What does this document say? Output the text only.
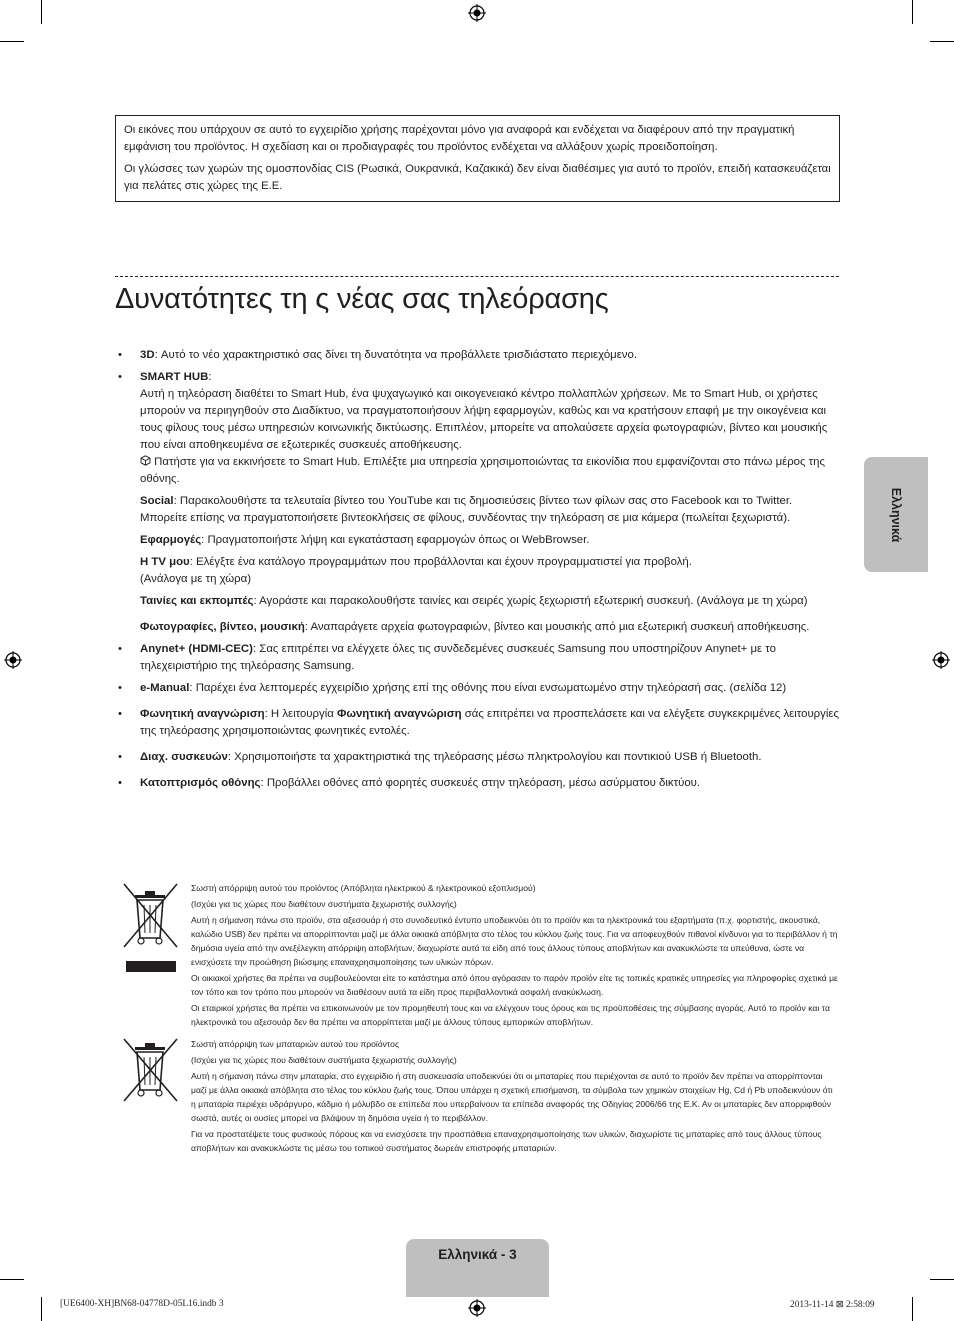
Οι εικόνες που υπάρχουν σε αυτό το εγχειρίδιο χρήσης παρέχονται μόνο για αναφορά και ενδέχεται να διαφέρουν από την πραγματική εμφάνιση του προϊόντος. Η σχεδίαση και οι προδιαγραφές του προϊόντος ενδέχεται να αλλάξουν χωρίς προειδοποίηση.

Οι γλώσσες των χωρών της ομοσπονδίας CIS (Ρωσικά, Ουκρανικά, Καζακικά) δεν είναι διαθέσιμες για αυτό το προϊόν, επειδή κατασκευάζεται για πελάτες στις χώρες της Ε.Ε.

Δυνατότητες τη ς νέας σας τηλεόρασης
• 3D: Αυτό το νέο χαρακτηριστικό σας δίνει τη δυνατότητα να προβάλλετε τρισδιάστατο περιεχόμενο.
• SMART HUB:
Αυτή η τηλεόραση διαθέτει το Smart Hub, ένα ψυχαγωγικό και οικογενειακό κέντρο πολλαπλών χρήσεων. Με το Smart Hub, οι χρήστες μπορούν να περιηγηθούν στο Διαδίκτυο, να πραγματοποιήσουν λήψη εφαρμογών, καθώς και να κρατήσουν επαφή με την οικογένεια και τους φίλους τους μέσω υπηρεσιών κοινωνικής δικτύωσης. Επιπλέον, μπορείτε να απολαύσετε αρχεία φωτογραφιών, βίντεο και μουσικής που είναι αποθηκευμένα σε εξωτερικές συσκευές αποθήκευσης.
Πατήστε για να εκκινήσετε το Smart Hub. Επιλέξτε μια υπηρεσία χρησιμοποιώντας τα εικονίδια που εμφανίζονται στο πάνω μέρος της οθόνης.
Social: Παρακολουθήστε τα τελευταία βίντεο του YouTube και τις δημοσιεύσεις βίντεο των φίλων σας στο Facebook και το Twitter. Μπορείτε επίσης να πραγματοποιήσετε βιντεοκλήσεις σε φίλους, συνδέοντας την τηλεόραση σε μια κάμερα (πωλείται ξεχωριστά).
Εφαρμογές: Πραγματοποιήστε λήψη και εγκατάσταση εφαρμογών όπως οι WebBrowser.
Η TV μου: Ελέγξτε ένα κατάλογο προγραμμάτων που προβάλλονται και έχουν προγραμματιστεί για προβολή.
(Ανάλογα με τη χώρα)
Ταινίες και εκπομπές: Αγοράστε και παρακολουθήστε ταινίες και σειρές χωρίς ξεχωριστή εξωτερική συσκευή. (Ανάλογα με τη χώρα)
Φωτογραφίες, βίντεο, μουσική: Αναπαράγετε αρχεία φωτογραφιών, βίντεο και μουσικής από μια εξωτερική συσκευή αποθήκευσης.
• Anynet+ (HDMI-CEC): Σας επιτρέπει να ελέγχετε όλες τις συνδεδεμένες συσκευές Samsung που υποστηρίζουν Anynet+ με το τηλεχειριστήριο της τηλεόρασης Samsung.
• e-Manual: Παρέχει ένα λεπτομερές εγχειρίδιο χρήσης επί της οθόνης που είναι ενσωματωμένο στην τηλεόρασή σας. (σελίδα 12)
• Φωνητική αναγνώριση: Η λειτουργία Φωνητική αναγνώριση σάς επιτρέπει να προσπελάσετε και να ελέγξετε συγκεκριμένες λειτουργίες της τηλεόρασης χρησιμοποιώντας φωνητικές εντολές.
• Διαχ. συσκευών: Χρησιμοποιήστε τα χαρακτηριστικά της τηλεόρασης μέσω πληκτρολογίου και ποντικιού USB ή Bluetooth.
• Κατοπτρισμός οθόνης: Προβάλλει οθόνες από φορητές συσκευές στην τηλεόραση, μέσω ασύρματου δικτύου.

Σωστή απόρριψη αυτού του προϊόντος (Απόβλητα ηλεκτρικού & ηλεκτρονικού εξοπλισμού)

(Ισχύει για τις χώρες που διαθέτουν συστήματα ξεχωριστής συλλογής)

Αυτή η σήμανση πάνω στο προϊόν, στα αξεσουάρ ή στο συνοδευτικό έντυπο υποδεικνύει ότι το προϊόν και τα ηλεκτρονικά του εξαρτήματα (π.χ. φορτιστής, ακουστικά, καλώδιο USB) δεν πρέπει να απορρίπτονται μαζί με άλλα οικιακά απόβλητα στο τέλος του κύκλου ζωής τους. Για να αποφευχθούν πιθανοί κίνδυνοι για το περιβάλλον ή τη δημόσια υγεία από την ανεξέλεγκτη απόρριψη αποβλήτων, διαχωρίστε αυτά τα είδη από τους άλλους τύπους αποβλήτων και ανακυκλώστε τα υπεύθυνα, ώστε να ενισχύσετε την προώθηση βιώσιμης επαναχρησιμοποίησης των υλικών πόρων.

Οι οικιακοί χρήστες θα πρέπει να συμβουλεύονται είτε το κατάστημα από όπου αγόρασαν το παρόν προϊόν είτε τις τοπικές κρατικές υπηρεσίες για πληροφορίες σχετικά με τον τόπο και τον τρόπο που μπορούν να διαθέσουν αυτά τα είδη προς περιβαλλοντικά ασφαλή ανακύκλωση.

Οι εταιρικοί χρήστες θα πρέπει να επικοινωνούν με τον προμηθευτή τους και να ελέγχουν τους όρους και τις προϋποθέσεις της σύμβασης αγοράς. Αυτό το προϊόν και τα ηλεκτρονικά του αξεσουάρ δεν θα πρέπει να απορρίπτεται μαζί με άλλους τύπους εμπορικών αποβλήτων.

Σωστή απόρριψη των μπαταριών αυτού του προϊόντος

(Ισχύει για τις χώρες που διαθέτουν συστήματα ξεχωριστής συλλογής)

Αυτή η σήμανση πάνω στην μπαταρία, στο εγχειρίδιο ή στη συσκευασία υποδεικνύει ότι οι μπαταρίες που περιέχονται σε αυτό το προϊόν δεν πρέπει να απορρίπτονται μαζί με άλλα οικιακά απόβλητα στο τέλος του κύκλου ζωής τους. Όπου υπάρχει η σχετική επισήμανση, τα σύμβολα των χημικών στοιχείων Hg, Cd ή Pb υποδεικνύουν ότι η μπαταρία περιέχει υδράργυρο, κάδμιο ή μόλυβδο σε επίπεδα που υπερβαίνουν τα επίπεδα αναφοράς της Οδηγίας 2006/66 της Ε.Κ. Αν οι μπαταρίες δεν απορριφθούν σωστά, αυτές οι ουσίες μπορεί να βλάψουν τη δημόσια υγεία ή το περιβάλλον.

Για να προστατέψετε τους φυσικούς πόρους και να ενισχύσετε την προσπάθεια επαναχρησιμοποίησης των υλικών, διαχωρίστε τις μπαταρίες από τους άλλους τύπους αποβλήτων και ανακυκλώστε τις μέσω του τοπικού συστήματος δωρεάν επιστροφής μπαταριών.

Ελληνικά
Ελληνικά - 3
[UE6400-XH]BN68-04778D-05L16.indb 3	2013-11-14 ⊠ 2:58:09
